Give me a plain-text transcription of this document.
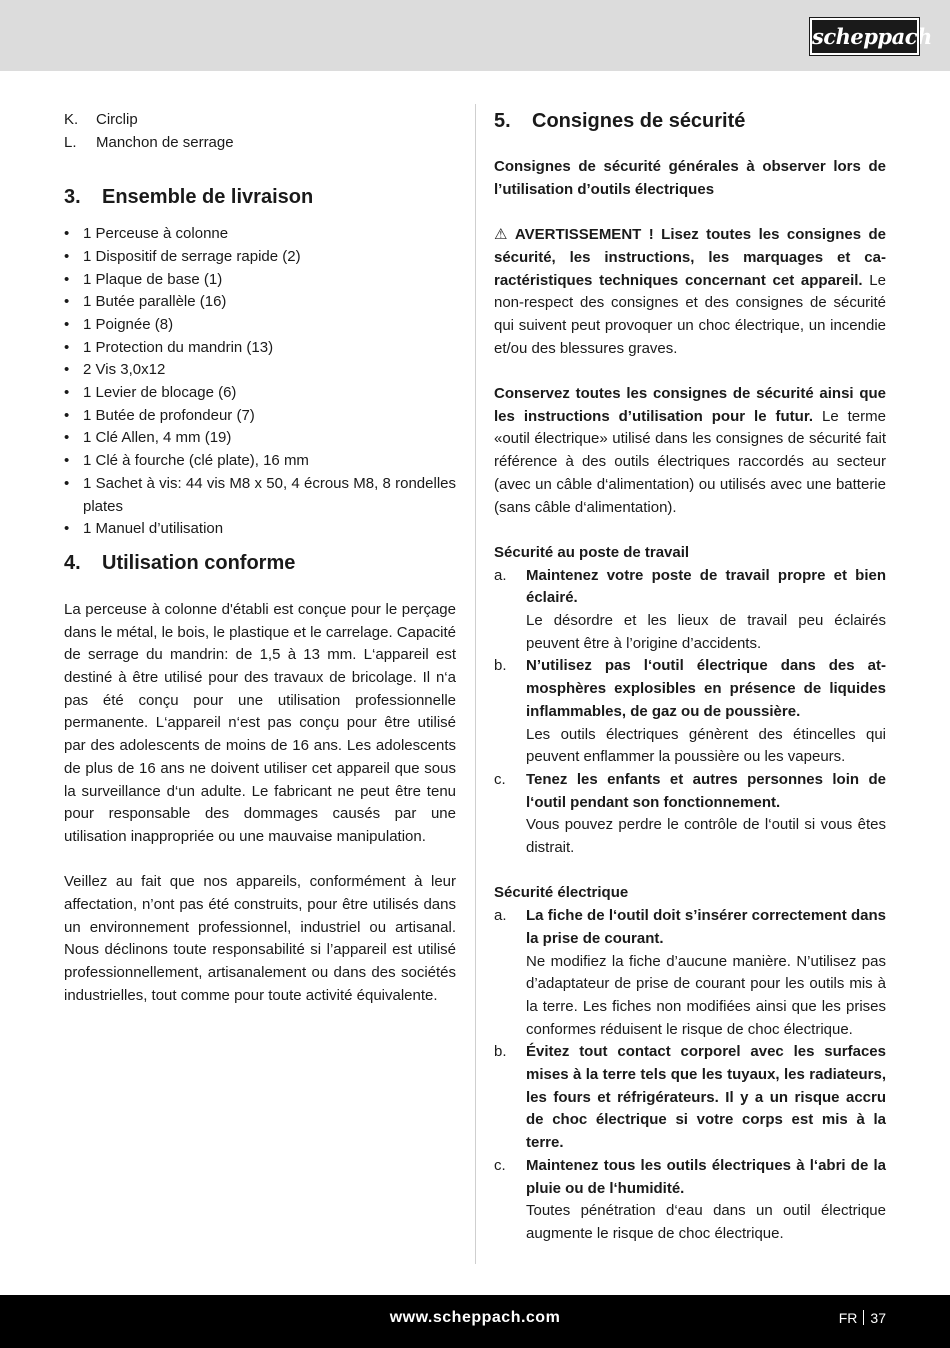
scheppach
K.	Circlip
L.	Manchon de serrage
3.	Ensemble de livraison
• 1 Perceuse à colonne
• 1 Dispositif de serrage rapide (2)
• 1 Plaque de base (1)
• 1 Butée parallèle (16)
• 1 Poignée (8)
• 1 Protection du mandrin (13)
• 2 Vis 3,0x12
• 1 Levier de blocage (6)
• 1 Butée de profondeur (7)
• 1 Clé Allen, 4 mm (19)
• 1 Clé à fourche (clé plate), 16 mm
• 1 Sachet à vis: 44 vis M8 x 50, 4 écrous M8, 8 rondelles plates
• 1 Manuel d’utilisation
4.	Utilisation conforme

La perceuse à colonne d'établi est conçue pour le perçage dans le métal, le bois, le plastique et le carrelage. Capacité de serrage du mandrin: de 1,5 à 13 mm. L‘appareil est destiné à être utilisé pour des travaux de bricolage. Il n‘a pas été conçu pour une utilisation professionnelle permanente. L‘appareil n‘est pas conçu pour être utilisé par des adolescents de moins de 16 ans. Les adolescents de plus de 16 ans ne doivent utiliser cet appareil que sous la surveillance d‘un adulte. Le fabricant ne peut être tenu pour responsable des dommages causés par une utilisation inappropriée ou une mauvaise manipulation.

Veillez au fait que nos appareils, conformément à leur affectation, n’ont pas été construits, pour être utilisés dans un environnement professionnel, industriel ou artisanal. Nous déclinons toute responsabilité si l’appareil est utilisé professionnellement, artisanalement ou dans des sociétés industrielles, tout comme pour toute activité équivalente.

5.	Consignes de sécurité

Consignes de sécurité générales à observer lors de l’utilisation d’outils électriques

⚠ AVERTISSEMENT ! Lisez toutes les consignes de sécurité, les instructions, les marquages et caractéristiques techniques concernant cet appareil. Le non-respect des consignes et des consignes de sécurité qui suivent peut provoquer un choc électrique, un incendie et/ou des blessures graves.

Conservez toutes les consignes de sécurité ainsi que les instructions d’utilisation pour le futur. Le terme «outil électrique» utilisé dans les consignes de sécurité fait référence à des outils électriques raccordés au secteur (avec un câble d‘alimentation) ou utilisés avec une batterie (sans câble d‘alimentation).

Sécurité au poste de travail

a.	Maintenez votre poste de travail propre et bien éclairé.

Le désordre et les lieux de travail peu éclairés peuvent être à l’origine d’accidents.

b.	N’utilisez pas l‘outil électrique dans des atmosphères explosibles en présence de liquides inflammables, de gaz ou de poussière.

Les outils électriques génèrent des étincelles qui peuvent enflammer la poussière ou les vapeurs.

c.	Tenez les enfants et autres personnes loin de l‘outil pendant son fonctionnement.

Vous pouvez perdre le contrôle de l‘outil si vous êtes distrait.

Sécurité électrique

a.	La fiche de l‘outil doit s’insérer correctement dans la prise de courant.

Ne modifiez la fiche d’aucune manière. N’utilisez pas d’adaptateur de prise de courant pour les outils mis à la terre. Les fiches non modifiées ainsi que les prises conformes réduisent le risque de choc électrique.

b.	Évitez tout contact corporel avec les surfaces mises à la terre tels que les tuyaux, les radiateurs, les fours et réfrigérateurs. Il y a un risque accru de choc électrique si votre corps est mis à la terre.

c.	Maintenez tous les outils électriques à l‘abri de la pluie ou de l‘humidité.

Toutes pénétration d‘eau dans un outil électrique augmente le risque de choc électrique.

www.scheppach.com	FR 37
